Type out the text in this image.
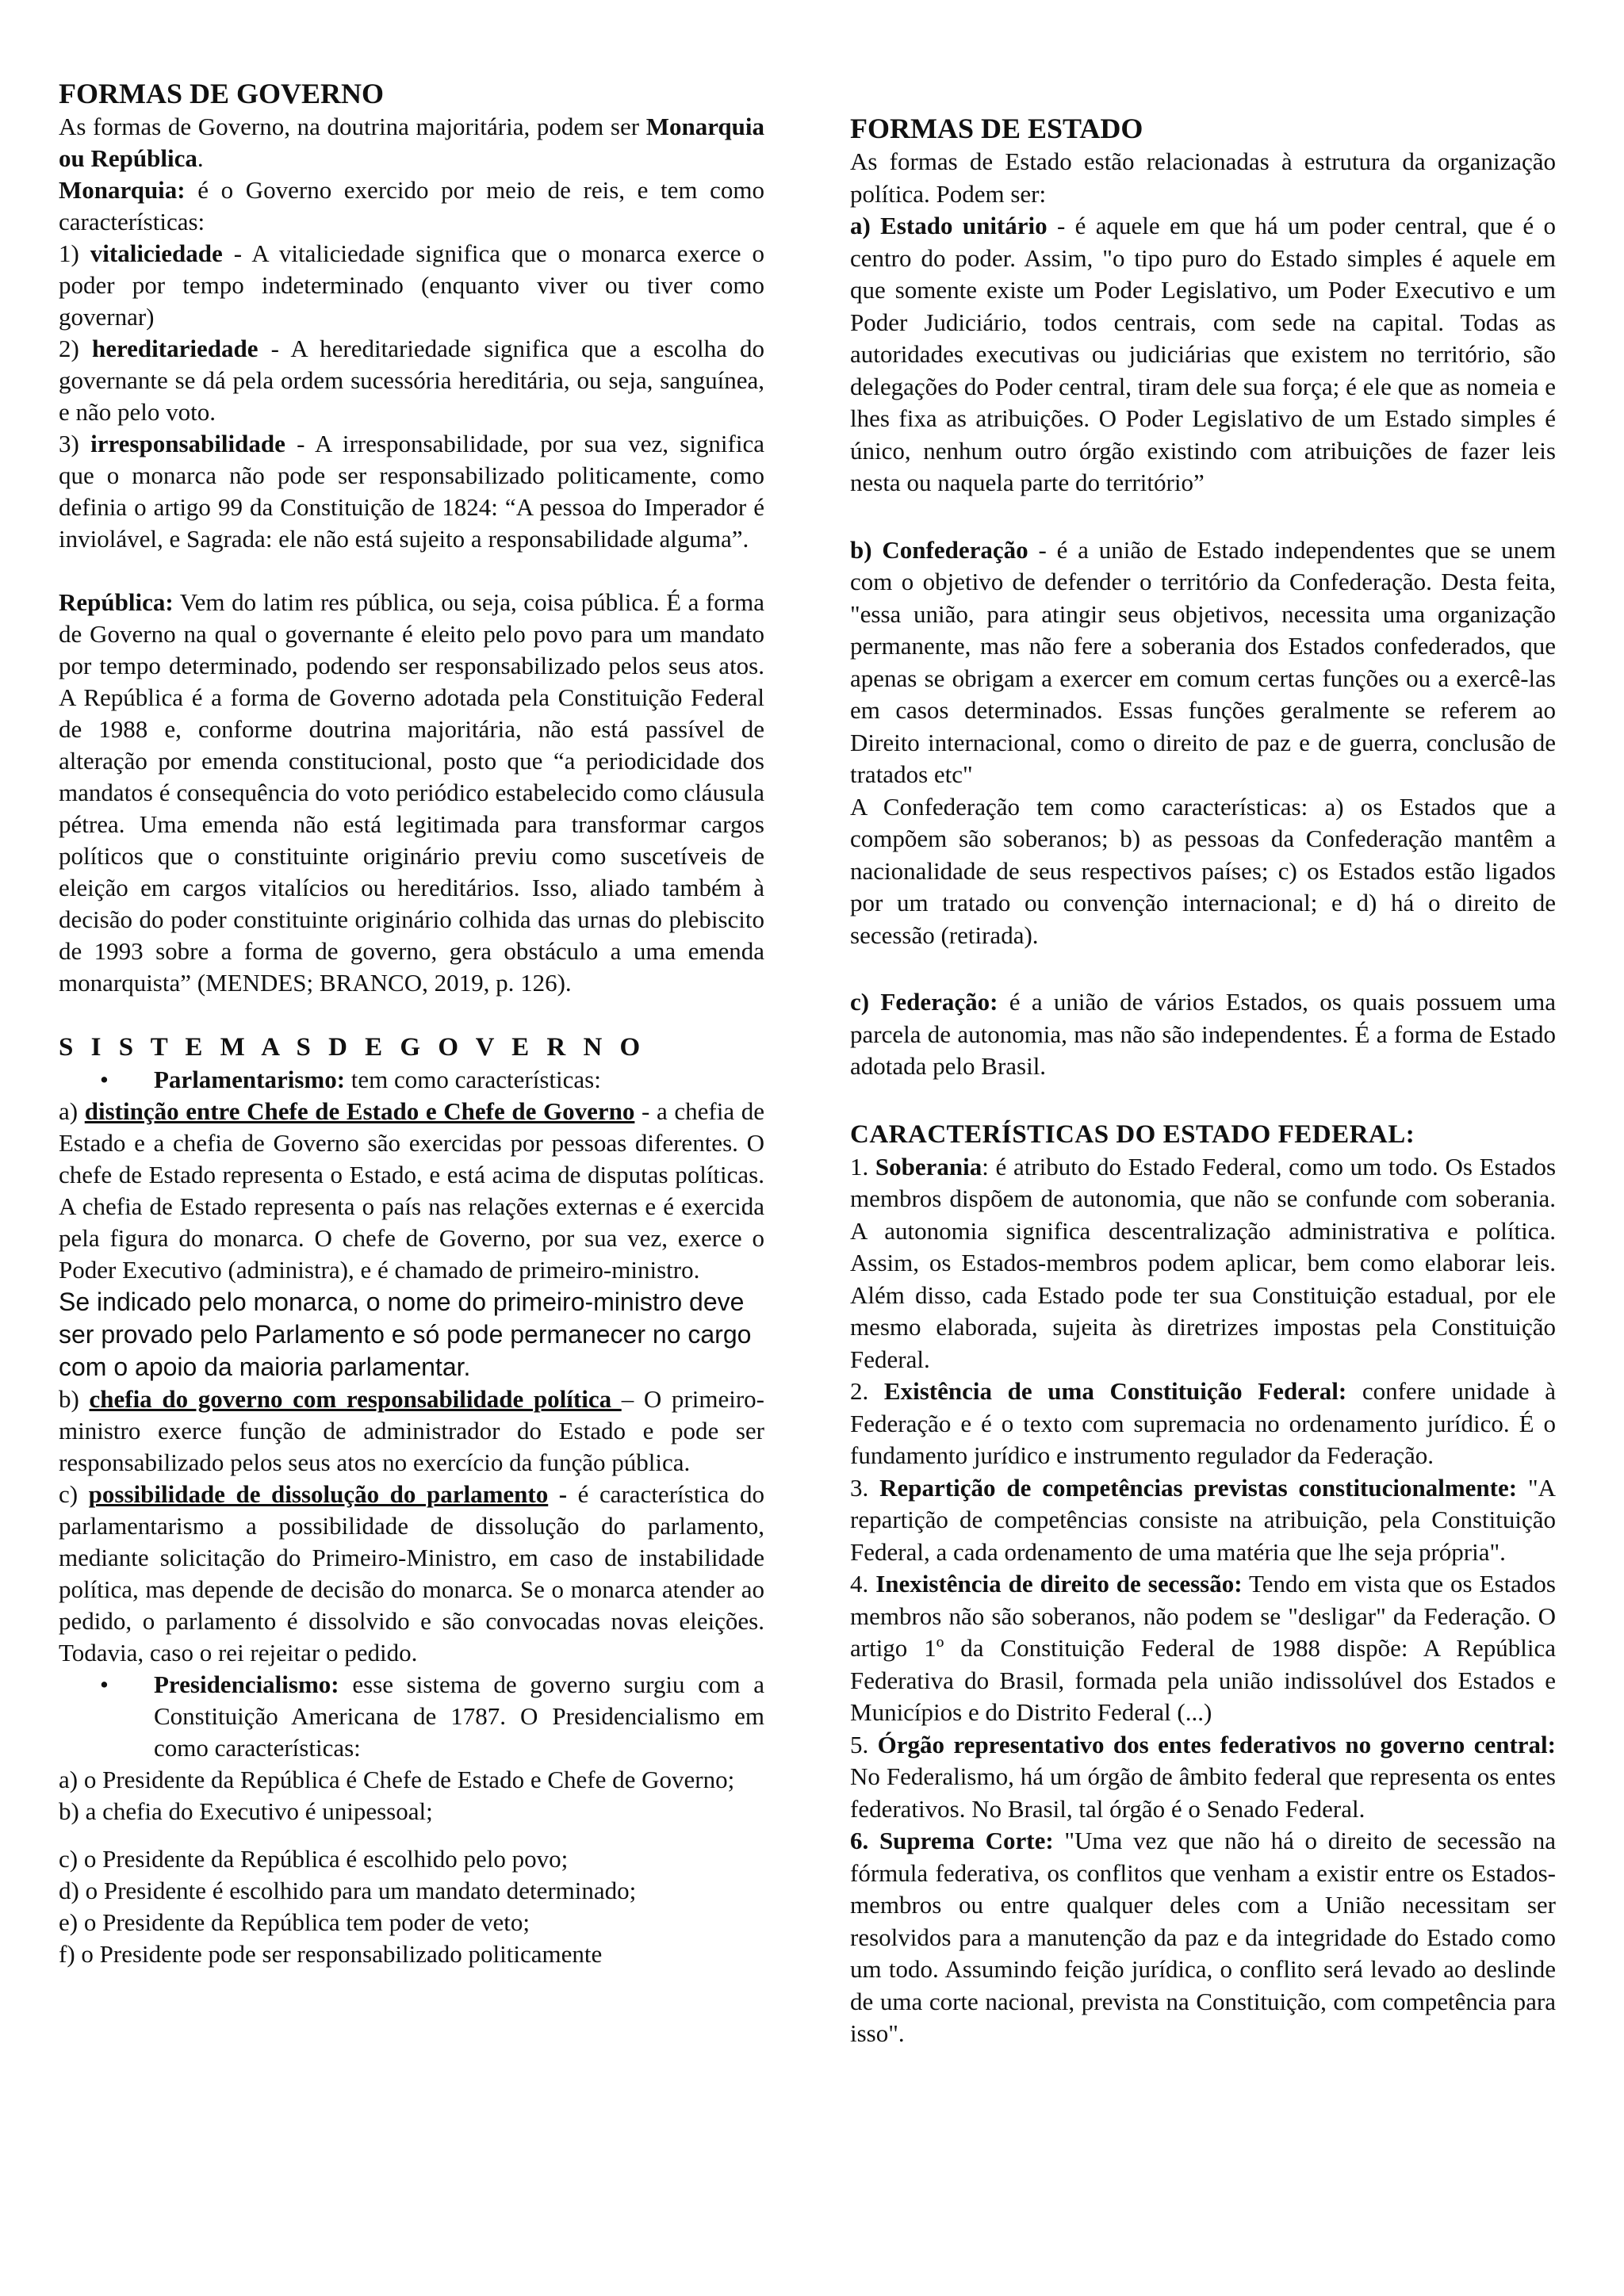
FORMAS DE GOVERNO

As formas de Governo, na doutrina majoritária, podem ser Monarquia ou República.

Monarquia: é o Governo exercido por meio de reis, e tem como características:

1) vitaliciedade - A vitaliciedade significa que o monarca exerce o poder por tempo indeterminado (enquanto viver ou tiver como governar)

2) hereditariedade - A hereditariedade significa que a escolha do governante se dá pela ordem sucessória hereditária, ou seja, sanguínea, e não pelo voto.

3) irresponsabilidade - A irresponsabilidade, por sua vez, significa que o monarca não pode ser responsabilizado politicamente, como definia o artigo 99 da Constituição de 1824: “A pessoa do Imperador é inviolável, e Sagrada: ele não está sujeito a responsabilidade alguma”.

República: Vem do latim res pública, ou seja, coisa pública. É a forma de Governo na qual o governante é eleito pelo povo para um mandato por tempo determinado, podendo ser responsabilizado pelos seus atos. A República é a forma de Governo adotada pela Constituição Federal de 1988 e, conforme doutrina majoritária, não está passível de alteração por emenda constitucional, posto que “a periodicidade dos mandatos é consequência do voto periódico estabelecido como cláusula pétrea. Uma emenda não está legitimada para transformar cargos políticos que o constituinte originário previu como suscetíveis de eleição em cargos vitalícios ou hereditários. Isso, aliado também à decisão do poder constituinte originário colhida das urnas do plebiscito de 1993 sobre a forma de governo, gera obstáculo a uma emenda monarquista” (MENDES; BRANCO, 2019, p. 126).

S I S T E M A S D E G O V E R N O

•	Parlamentarismo: tem como características:

a) distinção entre Chefe de Estado e Chefe de Governo - a chefia de Estado e a chefia de Governo são exercidas por pessoas diferentes. O chefe de Estado representa o Estado, e está acima de disputas políticas. A chefia de Estado representa o país nas relações externas e é exercida pela figura do monarca. O chefe de Governo, por sua vez, exerce o Poder Executivo (administra), e é chamado de primeiro-ministro.

Se indicado pelo monarca, o nome do primeiro-ministro deve ser provado pelo Parlamento e só pode permanecer no cargo com o apoio da maioria parlamentar.

b) chefia do governo com responsabilidade política – O primeiro-ministro exerce função de administrador do Estado e pode ser responsabilizado pelos seus atos no exercício da função pública.

c) possibilidade de dissolução do parlamento - é característica do parlamentarismo a possibilidade de dissolução do parlamento, mediante solicitação do Primeiro-Ministro, em caso de instabilidade política, mas depende de decisão do monarca. Se o monarca atender ao pedido, o parlamento é dissolvido e são convocadas novas eleições. Todavia, caso o rei rejeitar o pedido.

•	Presidencialismo: esse sistema de governo surgiu com a Constituição Americana de 1787. O Presidencialismo em como características:

a) o Presidente da República é Chefe de Estado e Chefe de Governo;

b) a chefia do Executivo é unipessoal;

c) o Presidente da República é escolhido pelo povo;

d) o Presidente é escolhido para um mandato determinado;

e) o Presidente da República tem poder de veto;

f) o Presidente pode ser responsabilizado politicamente

FORMAS DE ESTADO

As formas de Estado estão relacionadas à estrutura da organização política. Podem ser:

a) Estado unitário - é aquele em que há um poder central, que é o centro do poder. Assim, "o tipo puro do Estado simples é aquele em que somente existe um Poder Legislativo, um Poder Executivo e um Poder Judiciário, todos centrais, com sede na capital. Todas as autoridades executivas ou judiciárias que existem no território, são delegações do Poder central, tiram dele sua força; é ele que as nomeia e lhes fixa as atribuições. O Poder Legislativo de um Estado simples é único, nenhum outro órgão existindo com atribuições de fazer leis nesta ou naquela parte do território”

b) Confederação - é a união de Estado independentes que se unem com o objetivo de defender o território da Confederação. Desta feita, "essa união, para atingir seus objetivos, necessita uma organização permanente, mas não fere a soberania dos Estados confederados, que apenas se obrigam a exercer em comum certas funções ou a exercê-las em casos determinados. Essas funções geralmente se referem ao Direito internacional, como o direito de paz e de guerra, conclusão de tratados etc"

A Confederação tem como características: a) os Estados que a compõem são soberanos; b) as pessoas da Confederação mantêm a nacionalidade de seus respectivos países; c) os Estados estão ligados por um tratado ou convenção internacional; e d) há o direito de secessão (retirada).

c) Federação: é a união de vários Estados, os quais possuem uma parcela de autonomia, mas não são independentes. É a forma de Estado adotada pelo Brasil.

CARACTERÍSTICAS DO ESTADO FEDERAL:

1. Soberania: é atributo do Estado Federal, como um todo. Os Estados membros dispõem de autonomia, que não se confunde com soberania. A autonomia significa descentralização administrativa e política. Assim, os Estados-membros podem aplicar, bem como elaborar leis. Além disso, cada Estado pode ter sua Constituição estadual, por ele mesmo elaborada, sujeita às diretrizes impostas pela Constituição Federal.

2. Existência de uma Constituição Federal: confere unidade à Federação e é o texto com supremacia no ordenamento jurídico. É o fundamento jurídico e instrumento regulador da Federação.

3. Repartição de competências previstas constitucionalmente: "A repartição de competências consiste na atribuição, pela Constituição Federal, a cada ordenamento de uma matéria que lhe seja própria".

4. Inexistência de direito de secessão: Tendo em vista que os Estados membros não são soberanos, não podem se "desligar" da Federação. O artigo 1º da Constituição Federal de 1988 dispõe: A República Federativa do Brasil, formada pela união indissolúvel dos Estados e Municípios e do Distrito Federal (...)

5. Órgão representativo dos entes federativos no governo central: No Federalismo, há um órgão de âmbito federal que representa os entes federativos. No Brasil, tal órgão é o Senado Federal.

6. Suprema Corte: "Uma vez que não há o direito de secessão na fórmula federativa, os conflitos que venham a existir entre os Estados-membros ou entre qualquer deles com a União necessitam ser resolvidos para a manutenção da paz e da integridade do Estado como um todo. Assumindo feição jurídica, o conflito será levado ao deslinde de uma corte nacional, prevista na Constituição, com competência para isso".
